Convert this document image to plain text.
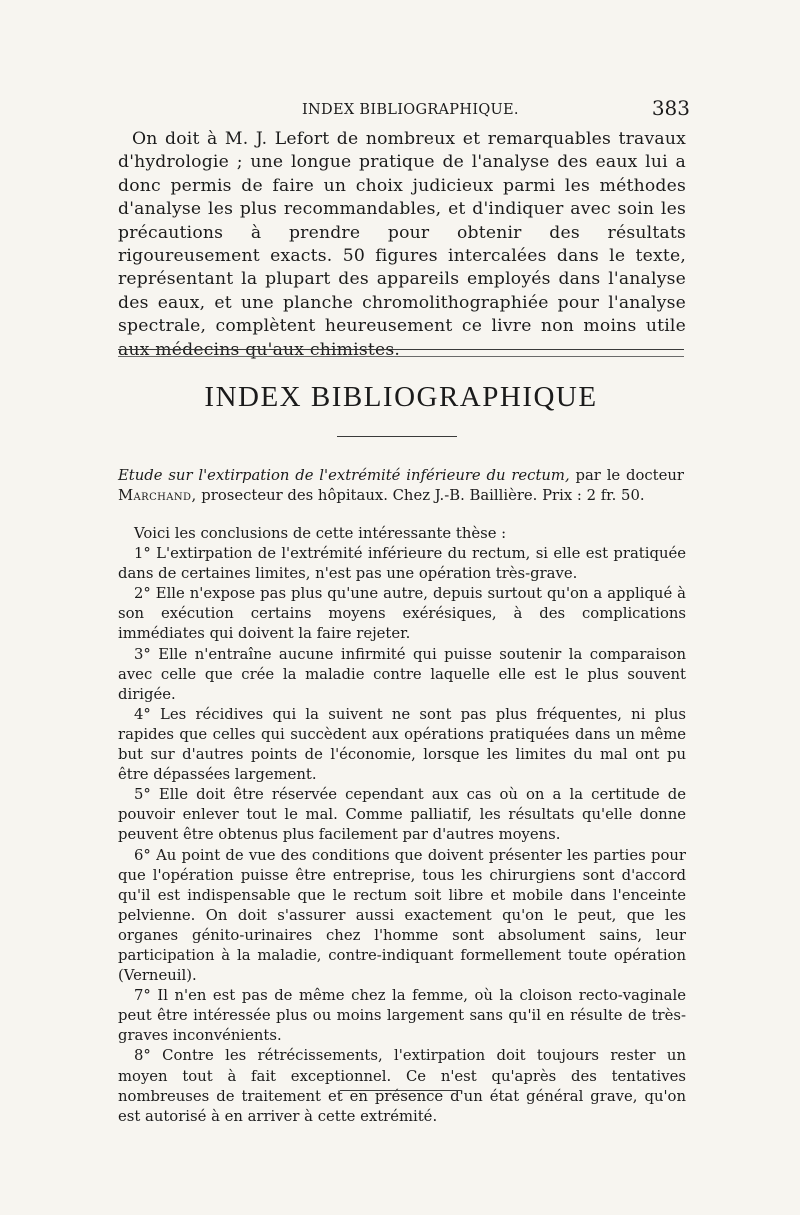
INDEX BIBLIOGRAPHIQUE.	383

On doit à M. J. Lefort de nombreux et remarquables travaux d'hydrologie ; une longue pratique de l'analyse des eaux lui a donc permis de faire un choix judicieux parmi les méthodes d'analyse les plus recommandables, et d'indiquer avec soin les précautions à prendre pour obtenir des résultats rigoureusement exacts. 50 figures intercalées dans le texte, représentant la plupart des appareils employés dans l'analyse des eaux, et une planche chromolithographiée pour l'analyse spectrale, complètent heureusement ce livre non moins utile aux médecins qu'aux chimistes.

INDEX BIBLIOGRAPHIQUE

Etude sur l'extirpation de l'extrémité inférieure du rectum, par le docteur Marchand, prosecteur des hôpitaux. Chez J.-B. Baillière. Prix : 2 fr. 50.

Voici les conclusions de cette intéressante thèse :

1° L'extirpation de l'extrémité inférieure du rectum, si elle est pratiquée dans de certaines limites, n'est pas une opération très-grave.

2° Elle n'expose pas plus qu'une autre, depuis surtout qu'on a appliqué à son exécution certains moyens exérésiques, à des complications immédiates qui doivent la faire rejeter.

3° Elle n'entraîne aucune infirmité qui puisse soutenir la comparaison avec celle que crée la maladie contre laquelle elle est le plus souvent dirigée.

4° Les récidives qui la suivent ne sont pas plus fréquentes, ni plus rapides que celles qui succèdent aux opérations pratiquées dans un même but sur d'autres points de l'économie, lorsque les limites du mal ont pu être dépassées largement.

5° Elle doit être réservée cependant aux cas où on a la certitude de pouvoir enlever tout le mal. Comme palliatif, les résultats qu'elle donne peuvent être obtenus plus facilement par d'autres moyens.

6° Au point de vue des conditions que doivent présenter les parties pour que l'opération puisse être entreprise, tous les chirurgiens sont d'accord qu'il est indispensable que le rectum soit libre et mobile dans l'enceinte pelvienne. On doit s'assurer aussi exactement qu'on le peut, que les organes génito-urinaires chez l'homme sont absolument sains, leur participation à la maladie, contre-indiquant formellement toute opération (Verneuil).

7° Il n'en est pas de même chez la femme, où la cloison recto-vaginale peut être intéressée plus ou moins largement sans qu'il en résulte de très-graves inconvénients.

8° Contre les rétrécissements, l'extirpation doit toujours rester un moyen tout à fait exceptionnel. Ce n'est qu'après des tentatives nombreuses de traitement et en présence d'un état général grave, qu'on est autorisé à en arriver à cette extrémité.
